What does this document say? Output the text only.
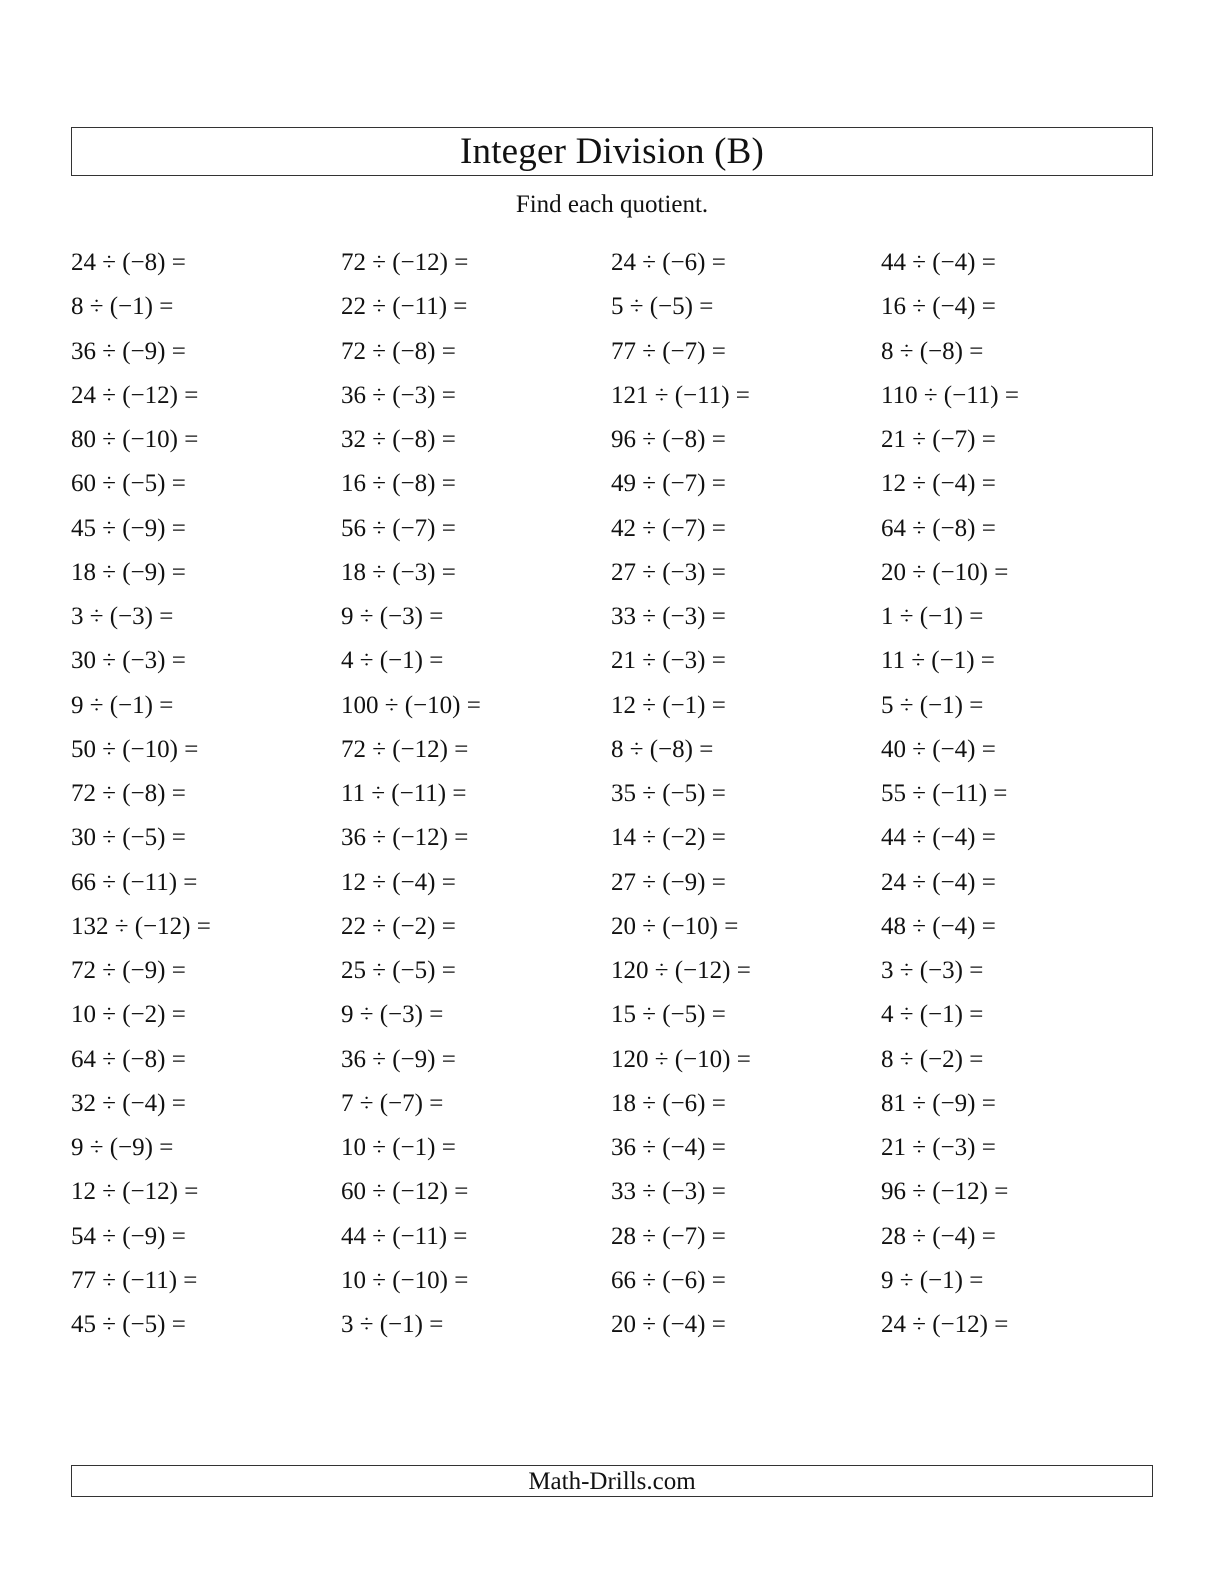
Integer Division (B)
Find each quotient.
24 ÷ (−8) =	72 ÷ (−12) =	24 ÷ (−6) =	44 ÷ (−4) =
8 ÷ (−1) =	22 ÷ (−11) =	5 ÷ (−5) =	16 ÷ (−4) =
36 ÷ (−9) =	72 ÷ (−8) =	77 ÷ (−7) =	8 ÷ (−8) =
24 ÷ (−12) =	36 ÷ (−3) =	121 ÷ (−11) =	110 ÷ (−11) =
80 ÷ (−10) =	32 ÷ (−8) =	96 ÷ (−8) =	21 ÷ (−7) =
60 ÷ (−5) =	16 ÷ (−8) =	49 ÷ (−7) =	12 ÷ (−4) =
45 ÷ (−9) =	56 ÷ (−7) =	42 ÷ (−7) =	64 ÷ (−8) =
18 ÷ (−9) =	18 ÷ (−3) =	27 ÷ (−3) =	20 ÷ (−10) =
3 ÷ (−3) =	9 ÷ (−3) =	33 ÷ (−3) =	1 ÷ (−1) =
30 ÷ (−3) =	4 ÷ (−1) =	21 ÷ (−3) =	11 ÷ (−1) =
9 ÷ (−1) =	100 ÷ (−10) =	12 ÷ (−1) =	5 ÷ (−1) =
50 ÷ (−10) =	72 ÷ (−12) =	8 ÷ (−8) =	40 ÷ (−4) =
72 ÷ (−8) =	11 ÷ (−11) =	35 ÷ (−5) =	55 ÷ (−11) =
30 ÷ (−5) =	36 ÷ (−12) =	14 ÷ (−2) =	44 ÷ (−4) =
66 ÷ (−11) =	12 ÷ (−4) =	27 ÷ (−9) =	24 ÷ (−4) =
132 ÷ (−12) =	22 ÷ (−2) =	20 ÷ (−10) =	48 ÷ (−4) =
72 ÷ (−9) =	25 ÷ (−5) =	120 ÷ (−12) =	3 ÷ (−3) =
10 ÷ (−2) =	9 ÷ (−3) =	15 ÷ (−5) =	4 ÷ (−1) =
64 ÷ (−8) =	36 ÷ (−9) =	120 ÷ (−10) =	8 ÷ (−2) =
32 ÷ (−4) =	7 ÷ (−7) =	18 ÷ (−6) =	81 ÷ (−9) =
9 ÷ (−9) =	10 ÷ (−1) =	36 ÷ (−4) =	21 ÷ (−3) =
12 ÷ (−12) =	60 ÷ (−12) =	33 ÷ (−3) =	96 ÷ (−12) =
54 ÷ (−9) =	44 ÷ (−11) =	28 ÷ (−7) =	28 ÷ (−4) =
77 ÷ (−11) =	10 ÷ (−10) =	66 ÷ (−6) =	9 ÷ (−1) =
45 ÷ (−5) =	3 ÷ (−1) =	20 ÷ (−4) =	24 ÷ (−12) =
Math-Drills.com
